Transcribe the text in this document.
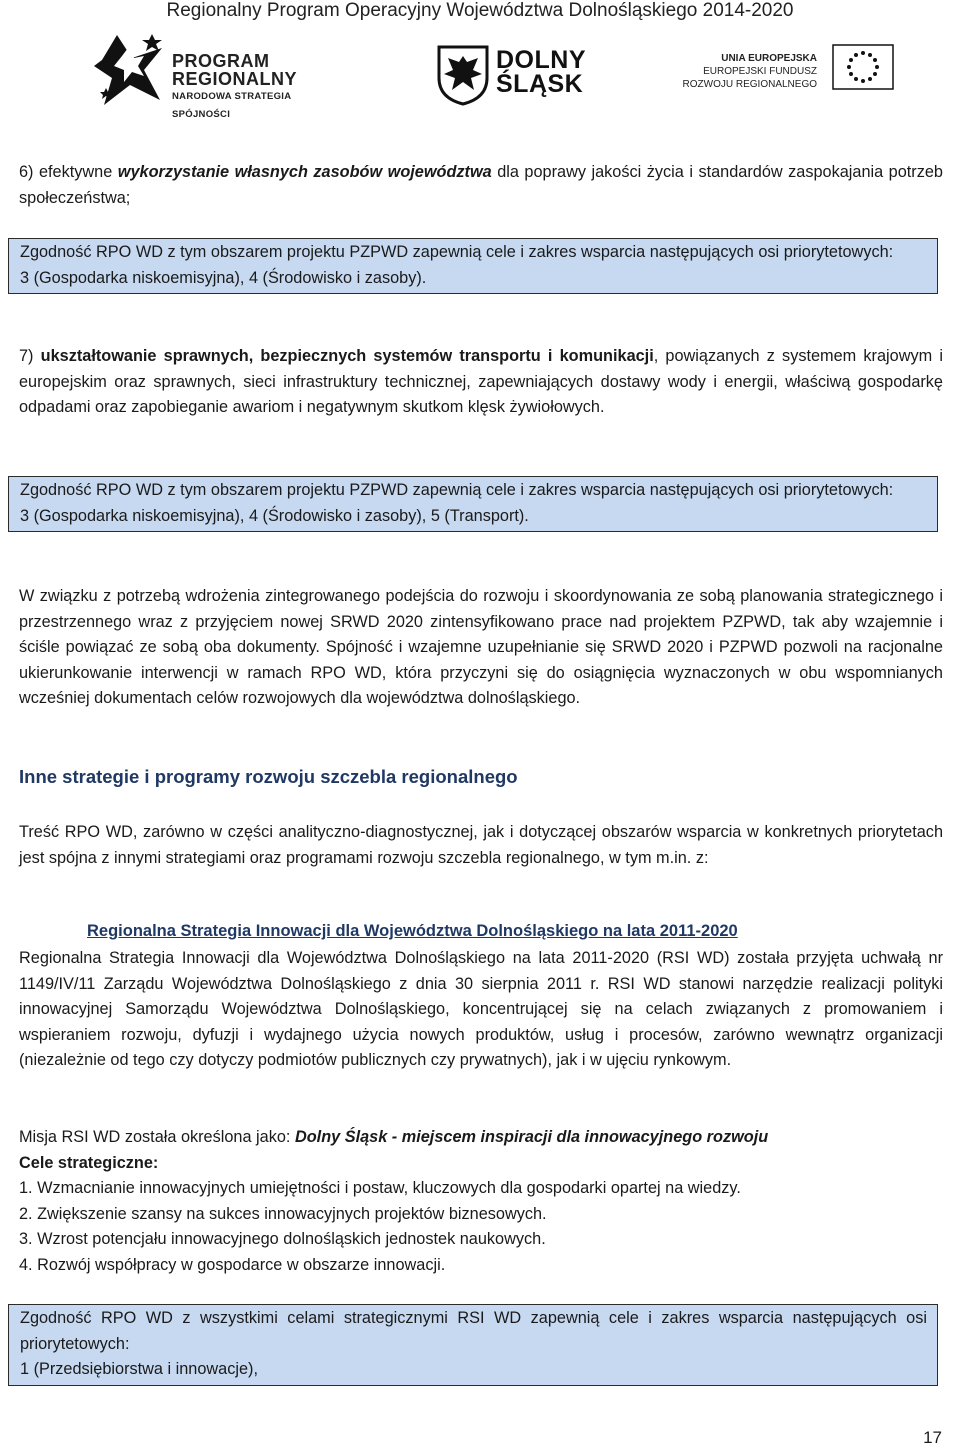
Regionalny Program Operacyjny Województwa Dolnośląskiego 2014-2020
PROGRAM
REGIONALNY
NARODOWA STRATEGIA SPÓJNOŚCI
DOLNY
ŚLĄSK
UNIA EUROPEJSKA
EUROPEJSKI FUNDUSZ
ROZWOJU REGIONALNEGO
6) efektywne wykorzystanie własnych zasobów województwa dla poprawy jakości życia i standardów zaspokajania potrzeb społeczeństwa;

Zgodność RPO WD z tym obszarem projektu PZPWD zapewnią cele i zakres wsparcia następujących osi priorytetowych:

3 (Gospodarka niskoemisyjna), 4 (Środowisko i zasoby).

7) ukształtowanie sprawnych, bezpiecznych systemów transportu i komunikacji, powiązanych z systemem krajowym i europejskim oraz sprawnych, sieci infrastruktury technicznej, zapewniających dostawy wody i energii, właściwą gospodarkę odpadami oraz zapobieganie awariom i negatywnym skutkom klęsk żywiołowych.

Zgodność RPO WD z tym obszarem projektu PZPWD zapewnią cele i zakres wsparcia następujących osi priorytetowych:

3 (Gospodarka niskoemisyjna), 4 (Środowisko i zasoby), 5 (Transport).

W związku z potrzebą wdrożenia zintegrowanego podejścia do rozwoju i skoordynowania ze sobą planowania strategicznego i przestrzennego wraz z przyjęciem nowej SRWD 2020 zintensyfikowano prace nad projektem PZPWD, tak aby wzajemnie i ściśle powiązać ze sobą oba dokumenty. Spójność i wzajemne uzupełnianie się SRWD 2020 i PZPWD pozwoli na racjonalne ukierunkowanie interwencji w ramach RPO WD, która przyczyni się do osiągnięcia wyznaczonych w obu wspomnianych wcześniej dokumentach celów rozwojowych dla województwa dolnośląskiego.
Inne strategie i programy rozwoju szczebla regionalnego
Treść RPO WD, zarówno w części analityczno-diagnostycznej, jak i dotyczącej obszarów wsparcia w konkretnych priorytetach jest spójna z innymi strategiami oraz programami rozwoju szczebla regionalnego, w tym m.in. z:
Regionalna Strategia Innowacji dla Województwa Dolnośląskiego na lata 2011-2020
Regionalna Strategia Innowacji dla Województwa Dolnośląskiego na lata 2011-2020 (RSI WD) została przyjęta uchwałą nr 1149/IV/11 Zarządu Województwa Dolnośląskiego z dnia 30 sierpnia 2011 r. RSI WD stanowi narzędzie realizacji polityki innowacyjnej Samorządu Województwa Dolnośląskiego, koncentrującej się na celach związanych z promowaniem i wspieraniem rozwoju, dyfuzji i wydajnego użycia nowych produktów, usług i procesów, zarówno wewnątrz organizacji (niezależnie od tego czy dotyczy podmiotów publicznych czy prywatnych), jak i w ujęciu rynkowym.

Misja RSI WD została określona jako: Dolny Śląsk - miejscem inspiracji dla innowacyjnego rozwoju

Cele strategiczne:

1. Wzmacnianie innowacyjnych umiejętności i postaw, kluczowych dla gospodarki opartej na wiedzy.

2. Zwiększenie szansy na sukces innowacyjnych projektów biznesowych.

3. Wzrost potencjału innowacyjnego dolnośląskich jednostek naukowych.

4. Rozwój współpracy w gospodarce w obszarze innowacji.

Zgodność RPO WD z wszystkimi celami strategicznymi RSI WD zapewnią cele i zakres wsparcia następujących osi priorytetowych:

1 (Przedsiębiorstwa i innowacje),

17
